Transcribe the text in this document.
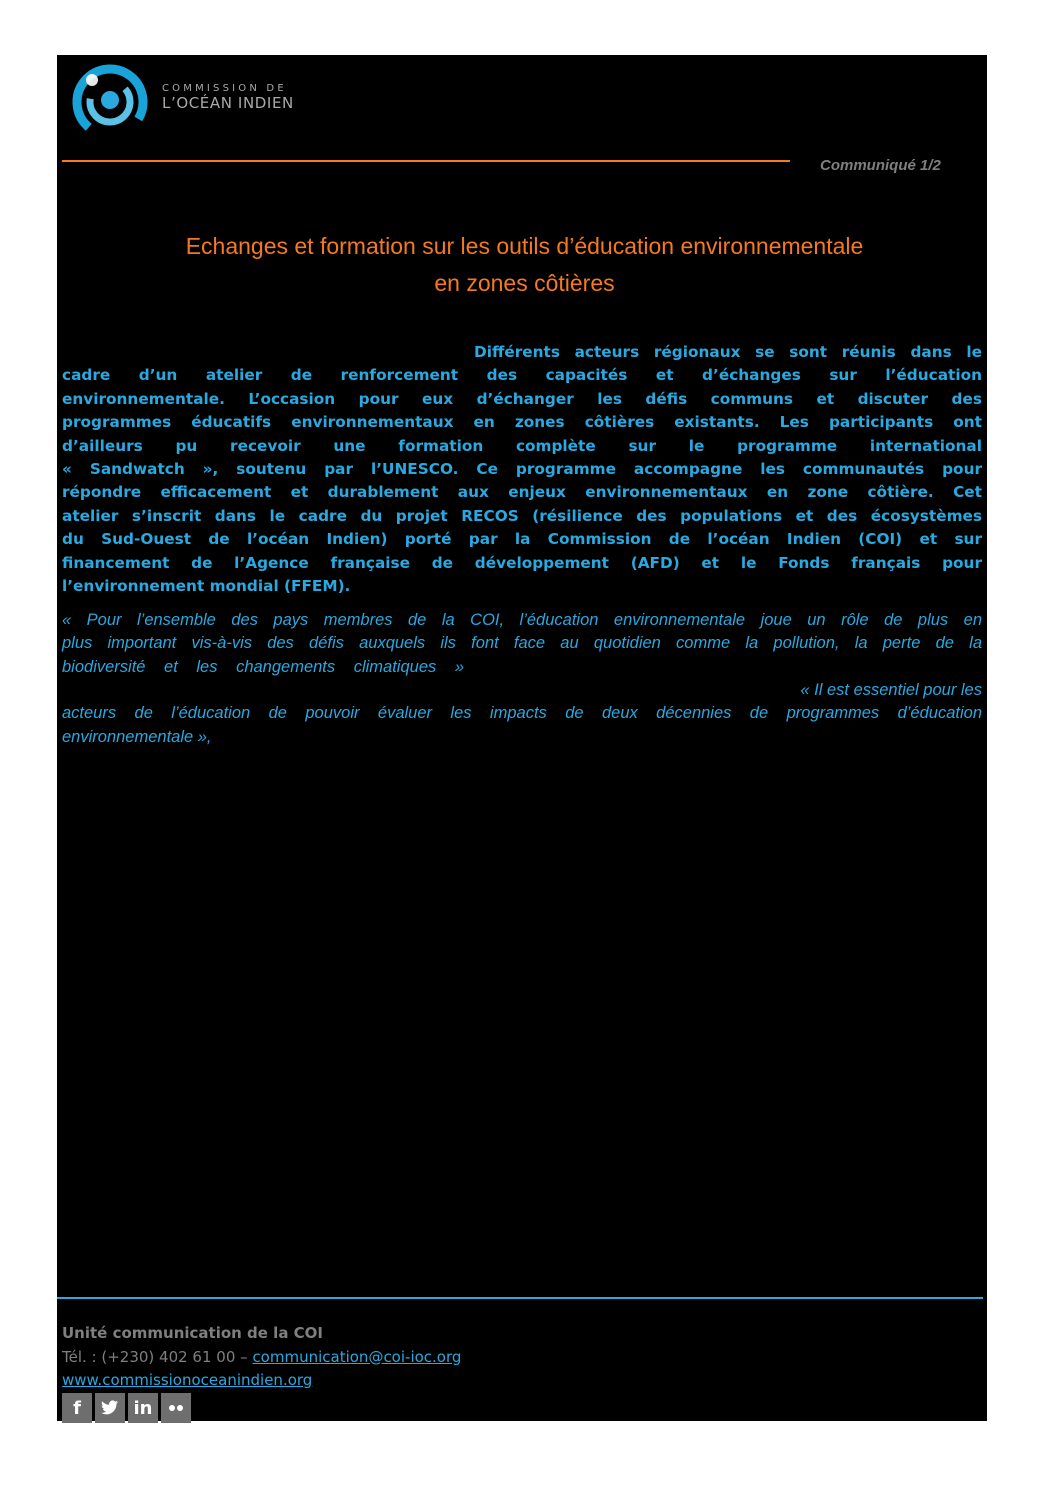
COMMISSION DE
L’OCÉAN INDIEN
Communiqué 1/2
Echanges et formation sur les outils d’éducation environnementale
en zones côtières
Différents acteurs régionaux se sont réunis dans le
cadre d’un atelier de renforcement des capacités et d’échanges sur l’éducation
environnementale. L’occasion pour eux d’échanger les défis communs et discuter des
programmes éducatifs environnementaux en zones côtières existants. Les participants ont
d’ailleurs pu recevoir une formation complète sur le programme international
« Sandwatch », soutenu par l’UNESCO. Ce programme accompagne les communautés pour
répondre efficacement et durablement aux enjeux environnementaux en zone côtière. Cet
atelier s’inscrit dans le cadre du projet RECOS (résilience des populations et des écosystèmes
du Sud-Ouest de l’océan Indien) porté par la Commission de l’océan Indien (COI) et sur
financement de l’Agence française de développement (AFD) et le Fonds français pour
l’environnement mondial (FFEM).
« Pour l’ensemble des pays membres de la COI, l’éducation environnementale joue un rôle de plus en
plus important vis-à-vis des défis auxquels ils font face au quotidien comme la pollution, la perte de la
biodiversité et les changements climatiques »
« Il est essentiel pour les
acteurs de l’éducation de pouvoir évaluer les impacts de deux décennies de programmes d’éducation
environnementale »,
Unité communication de la COI
Tél. : (+230) 402 61 00 – communication@coi-ioc.org
www.commissionoceanindien.org
f	in
